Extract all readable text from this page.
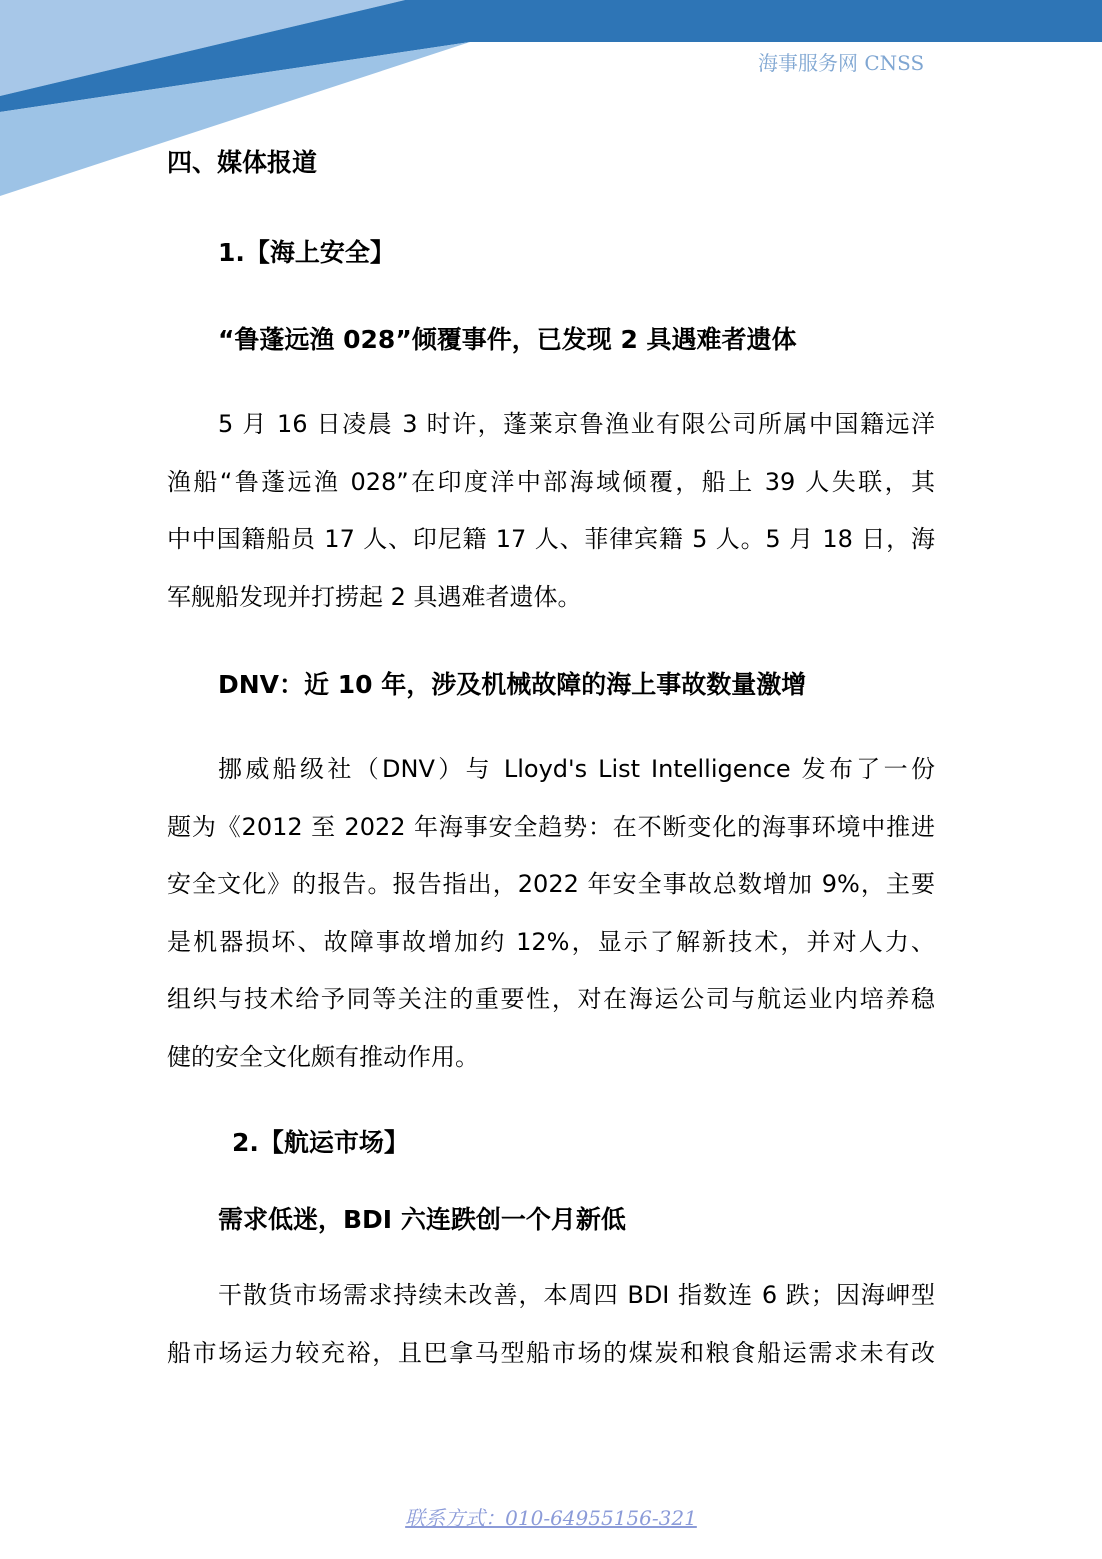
海事服务网 CNSS
四、媒体报道
1.【海上安全】
“鲁蓬远渔 028”倾覆事件，已发现 2 具遇难者遗体
5 月 16 日凌晨 3 时许，蓬莱京鲁渔业有限公司所属中国籍远洋
渔船“鲁蓬远渔 028”在印度洋中部海域倾覆，船上 39 人失联，其
中中国籍船员 17 人、印尼籍 17 人、菲律宾籍 5 人。5 月 18 日，海
军舰船发现并打捞起 2 具遇难者遗体。
DNV：近 10 年，涉及机械故障的海上事故数量激增
挪威船级社（DNV）与 Lloyd's List Intelligence 发布了一份
题为《2012 至 2022 年海事安全趋势：在不断变化的海事环境中推进
安全文化》的报告。报告指出，2022 年安全事故总数增加 9%，主要
是机器损坏、故障事故增加约 12%，显示了解新技术，并对人力、
组织与技术给予同等关注的重要性，对在海运公司与航运业内培养稳
健的安全文化颇有推动作用。
2.【航运市场】
需求低迷，BDI 六连跌创一个月新低
干散货市场需求持续未改善，本周四 BDI 指数连 6 跌；因海岬型
船市场运力较充裕，且巴拿马型船市场的煤炭和粮食船运需求未有改
联系方式：010-64955156-321
